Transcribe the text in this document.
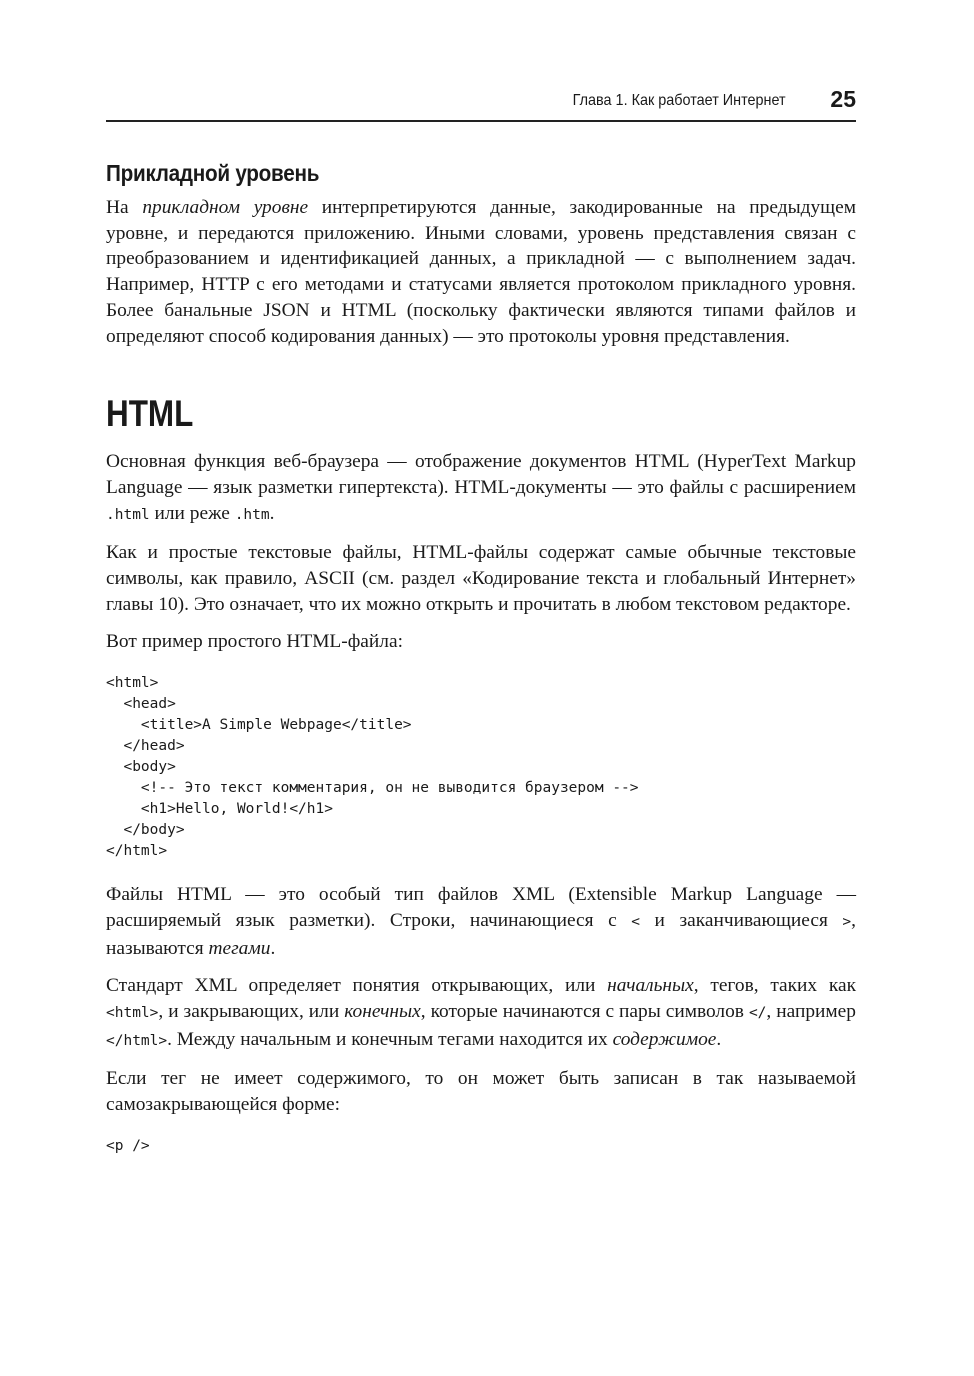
Глава 1. Как работает Интернет 25
Прикладной уровень

На прикладном уровне интерпретируются данные, закодированные на предыдущем уровне, и передаются приложению. Иными словами, уровень представления связан с преобразованием и идентификацией данных, а прикладной — с выполнением задач. Например, HTTP с его методами и статусами является протоколом прикладного уровня. Более банальные JSON и HTML (поскольку фактически являются типами файлов и определяют способ кодирования данных) — это протоколы уровня представления.

HTML

Основная функция веб-браузера — отображение документов HTML (HyperText Markup Language — язык разметки гипертекста). HTML-документы — это файлы с расширением .html или реже .htm.

Как и простые текстовые файлы, HTML-файлы содержат самые обычные текстовые символы, как правило, ASCII (см. раздел «Кодирование текста и глобальный Интернет» главы 10). Это означает, что их можно открыть и прочитать в любом текстовом редакторе.

Вот пример простого HTML-файла:

<html>
<head>
<title>A Simple Webpage</title>
</head>
<body>
<!-- Это текст комментария, он не выводится браузером -->
<h1>Hello, World!</h1>
</body>
</html>

Файлы HTML — это особый тип файлов XML (Extensible Markup Language — расширяемый язык разметки). Строки, начинающиеся с < и заканчивающиеся >, называются тегами.

Стандарт XML определяет понятия открывающих, или начальных, тегов, таких как <html>, и закрывающих, или конечных, которые начинаются с пары символов </, например </html>. Между начальным и конечным тегами находится их содержимое.

Если тег не имеет содержимого, то он может быть записан в так называемой самозакрывающейся форме:

<p />
